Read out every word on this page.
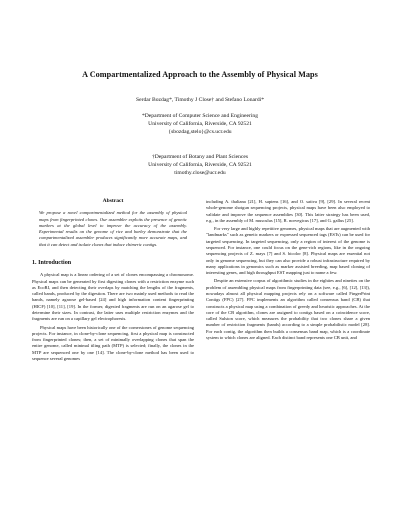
A Compartmentalized Approach to the Assembly of Physical Maps
Serdar Bozdag*, Timothy J Close† and Stefano Lonardi*
*Department of Computer Science and Engineering
University of California, Riverside, CA 92521
{sbozdag,stelo}@cs.ucr.edu
†Department of Botany and Plant Sciences
University of California, Riverside, CA 92521
timothy.close@ucr.edu
Abstract
We propose a novel compartmentalized method for the assembly of physical maps from fingerprinted clones. Our assembler exploits the presence of genetic markers at the global level to improve the accuracy of the assembly. Experimental results on the genome of rice and barley demonstrate that the compartmentalized assembler produces significantly more accurate maps, and that it can detect and isolate clones that induce chimeric contigs.
1. Introduction

A physical map is a linear ordering of a set of clones encompassing a chromosome. Physical maps can be generated by first digesting clones with a restriction enzyme such as EcoRI, and then detecting their overlaps by matching the lengths of the fragments, called bands, produced by the digestion. There are two mainly used methods to read the bands, namely agarose gel-based [24] and high information content fingerprinting (HICF) [10], [11], [19]. In the former, digested fragments are run on an agarose gel to determine their sizes. In contrast, the latter uses multiple restriction enzymes and the fragments are run on a capillary gel electrophoresis.

Physical maps have been historically one of the cornerstones of genome sequencing projects. For instance, in clone-by-clone sequencing, first a physical map is constructed from fingerprinted clones; then, a set of minimally overlapping clones that span the entire genome, called minimal tiling path (MTP) is selected; finally, the clones in the MTP are sequenced one by one [14]. The clone-by-clone method has been used to sequence several genomes

including A. thaliana [21], H. sapiens [16], and O. sativa [9], [29]. In several recent whole-genome shotgun sequencing projects, physical maps have been also employed to validate and improve the sequence assemblies [30]. This latter strategy has been used, e.g., in the assembly of M. musculus [15], R. norvegicus [17], and G. gallus [25].

For very large and highly repetitive genomes, physical maps that are augmented with "landmarks" such as genetic markers or expressed sequenced tags (ESTs) can be used for targeted sequencing. In targeted sequencing, only a region of interest of the genome is sequenced. For instance, one could focus on the gene-rich regions, like in the ongoing sequencing projects of Z. mays [7] and S. bicolor [8]. Physical maps are essential not only in genome sequencing, but they can also provide a robust infrastructure required by many applications in genomics such as marker assisted breeding, map based cloning of interesting genes, and high throughput EST mapping just to name a few.

Despite an extensive corpus of algorithmic studies in the eighties and nineties on the problem of assembling physical maps from fingerprinting data (see, e.g., [6], [12], [13]), nowadays almost all physical mapping projects rely on a software called FingerPrint Contigs (FPC) [27]. FPC implements an algorithm called consensus band (CB) that constructs a physical map using a combination of greedy and heuristic approaches. At the core of the CB algorithm, clones are assigned to contigs based on a coincidence score, called Sulston score, which measures the probability that two clones share a given number of restriction fragments (bands) according to a simple probabilistic model [28]. For each contig, the algorithm then builds a consensus band map, which is a coordinate system to which clones are aligned. Each distinct band represents one CB unit, and
